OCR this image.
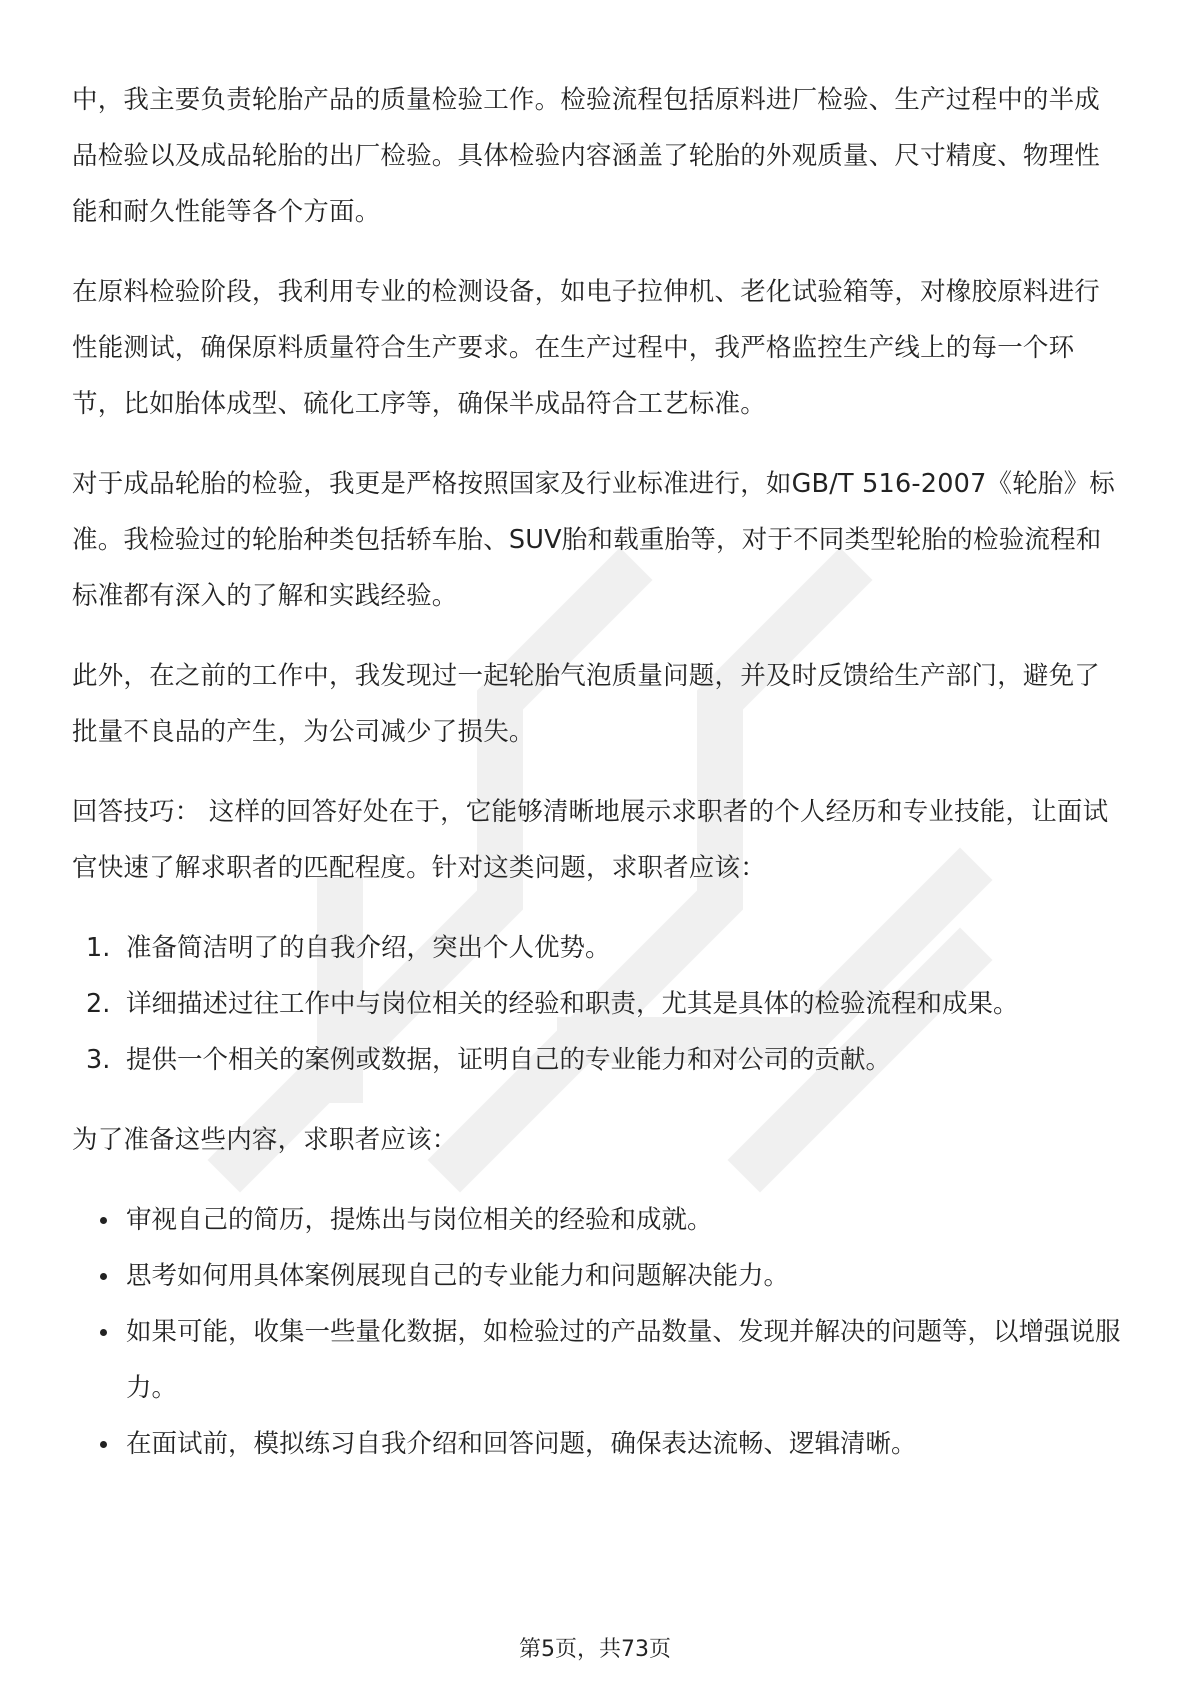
中，我主要负责轮胎产品的质量检验工作。检验流程包括原料进厂检验、生产过程中的半成品检验以及成品轮胎的出厂检验。具体检验内容涵盖了轮胎的外观质量、尺寸精度、物理性能和耐久性能等各个方面。

在原料检验阶段，我利用专业的检测设备，如电子拉伸机、老化试验箱等，对橡胶原料进行性能测试，确保原料质量符合生产要求。在生产过程中，我严格监控生产线上的每一个环节，比如胎体成型、硫化工序等，确保半成品符合工艺标准。

对于成品轮胎的检验，我更是严格按照国家及行业标准进行，如GB/T 516-2007《轮胎》标准。我检验过的轮胎种类包括轿车胎、SUV胎和载重胎等，对于不同类型轮胎的检验流程和标准都有深入的了解和实践经验。

此外，在之前的工作中，我发现过一起轮胎气泡质量问题，并及时反馈给生产部门，避免了批量不良品的产生，为公司减少了损失。

回答技巧： 这样的回答好处在于，它能够清晰地展示求职者的个人经历和专业技能，让面试官快速了解求职者的匹配程度。针对这类问题，求职者应该：

1. 准备简洁明了的自我介绍，突出个人优势。
2. 详细描述过往工作中与岗位相关的经验和职责，尤其是具体的检验流程和成果。
3. 提供一个相关的案例或数据，证明自己的专业能力和对公司的贡献。

为了准备这些内容，求职者应该：

审视自己的简历，提炼出与岗位相关的经验和成就。
思考如何用具体案例展现自己的专业能力和问题解决能力。
如果可能，收集一些量化数据，如检验过的产品数量、发现并解决的问题等，以增强说服力。
在面试前，模拟练习自我介绍和回答问题，确保表达流畅、逻辑清晰。
第5页，共73页
